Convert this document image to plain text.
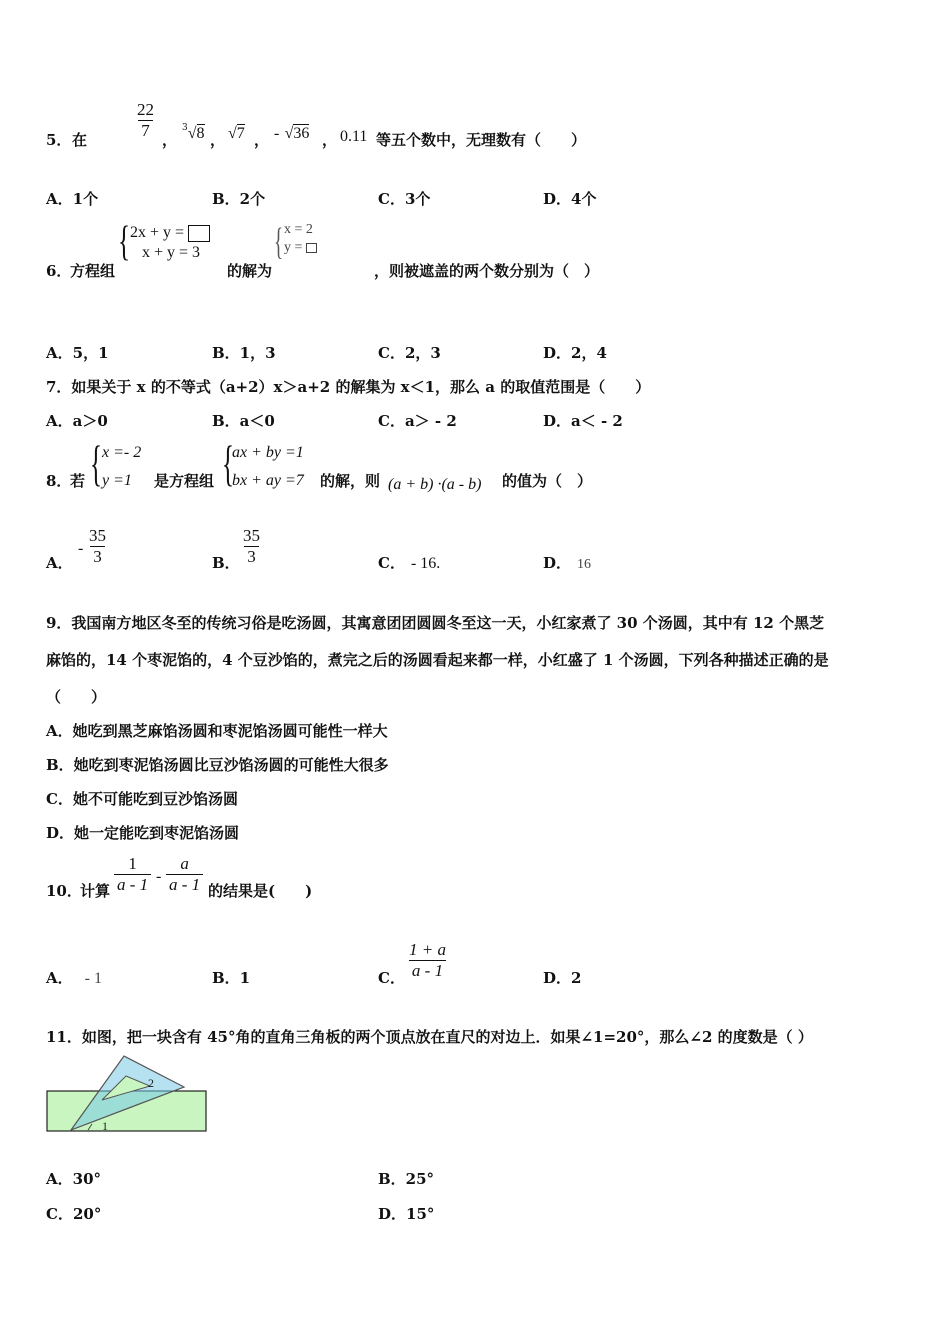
5． 在	$\frac{22}{7}$ ，
$^3$√8 ， √7 ， - √36 ， 0.11 等五个数中，无理数有（　　）
A．1个	B．2个	C．3个	D．4个
6．
方程组
{ 2x + y =
x + y = 3
的解为
{ x = 2
y =
，则被遮盖的两个数分别为（　）
A．5，1	B．1，3	C．2，3	D．2，4
7．如果关于 x 的不等式（a+2）x＞a+2 的解集为 x＜1，那么 a 的取值范围是（　　）
A．a＞0	B．a＜0	C．a＞ - 2	D．a＜ - 2
8．
若 { x =- 2
y =1 是方程组 {
ax + by =1
bx + ay =7 的解，则 (a + b) ·(a - b) 的值为（　）
A．
- $\frac{35}{3}$	B． $\frac{35}{3}$	C． - 16.	D． 16
9．我国南方地区冬至的传统习俗是吃汤圆，其寓意团团圆圆冬至这一天，小红家煮了 30 个汤圆，其中有 12 个黑芝
麻馅的，14 个枣泥馅的，4 个豆沙馅的，煮完之后的汤圆看起来都一样，小红盛了 1 个汤圆，下列各种描述正确的是
（　　）
A．她吃到黑芝麻馅汤圆和枣泥馅汤圆可能性一样大
B．她吃到枣泥馅汤圆比豆沙馅汤圆的可能性大很多
C．她不可能吃到豆沙馅汤圆
D．她一定能吃到枣泥馅汤圆
10．
计算 $\frac{1}{a - 1} - \frac{a}{a - 1}$ 的结果是(　　)
A． - 1	B．1	C． $\frac{1 + a}{a - 1}$	D．2
11．如图，把一块含有 45°角的直角三角板的两个顶点放在直尺的对边上．如果∠1=20°，那么∠2 的度数是（ ）
2
1
A．30°	B．25°
C．20°	D．15°
